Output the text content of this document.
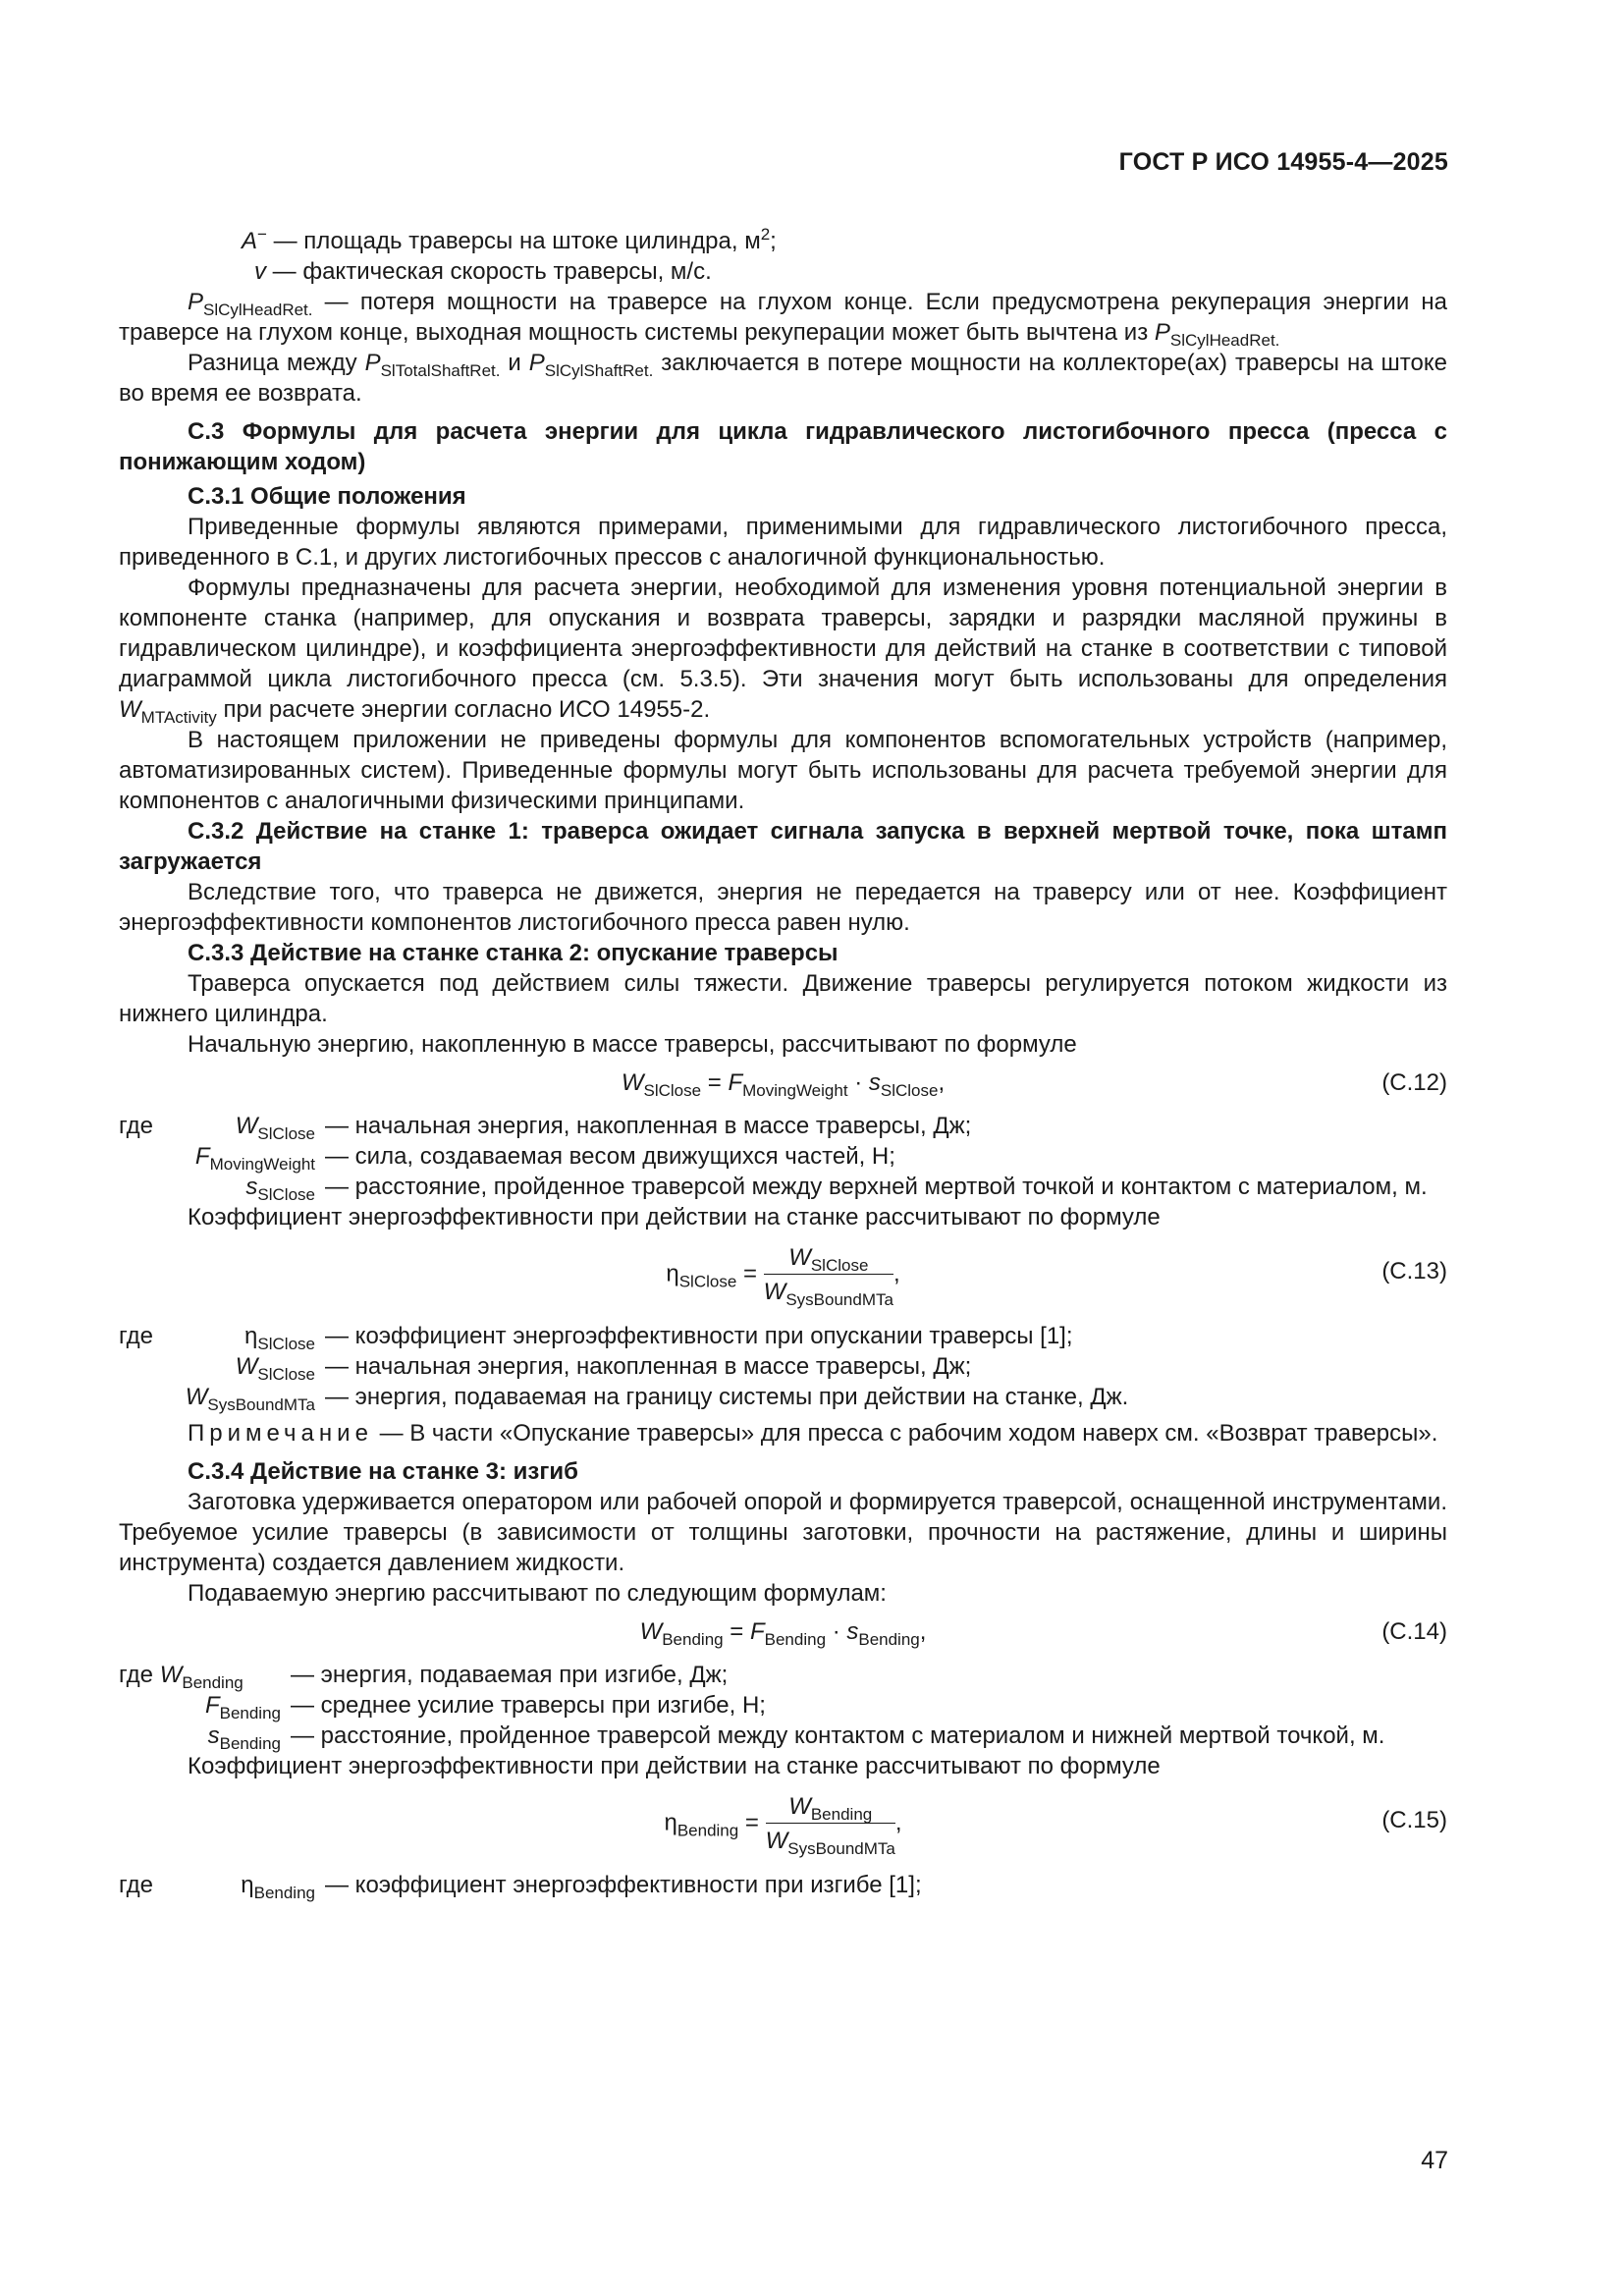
ГОСТ Р ИСО 14955-4—2025
A− — площадь траверсы на штоке цилиндра, $м^2$;
v — фактическая скорость траверсы, м/с.

$P_{SlCylHeadRet.}$ — потеря мощности на траверсе на глухом конце. Если предусмотрена рекуперация энергии на траверсе на глухом конце, выходная мощность системы рекуперации может быть вычтена из $P_{SlCylHeadRet.}$

Разница между $P_{SlTotalShaftRet.}$ и $P_{SlCylShaftRet.}$ заключается в потере мощности на коллекторе(ах) траверсы на штоке во время ее возврата.

С.3 Формулы для расчета энергии для цикла гидравлического листогибочного пресса (пресса с понижающим ходом)

С.3.1 Общие положения

Приведенные формулы являются примерами, применимыми для гидравлического листогибочного пресса, приведенного в С.1, и других листогибочных прессов с аналогичной функциональностью.

Формулы предназначены для расчета энергии, необходимой для изменения уровня потенциальной энергии в компоненте станка (например, для опускания и возврата траверсы, зарядки и разрядки масляной пружины в гидравлическом цилиндре), и коэффициента энергоэффективности для действий на станке в соответствии с типовой диаграммой цикла листогибочного пресса (см. 5.3.5). Эти значения могут быть использованы для определения $W_{MTActivity}$ при расчете энергии согласно ИСО 14955-2.

В настоящем приложении не приведены формулы для компонентов вспомогательных устройств (например, автоматизированных систем). Приведенные формулы могут быть использованы для расчета требуемой энергии для компонентов с аналогичными физическими принципами.

С.3.2 Действие на станке 1: траверса ожидает сигнала запуска в верхней мертвой точке, пока штамп загружается

Вследствие того, что траверса не движется, энергия не передается на траверсу или от нее. Коэффициент энергоэффективности компонентов листогибочного пресса равен нулю.

С.3.3 Действие на станке станка 2: опускание траверсы

Траверса опускается под действием силы тяжести. Движение траверсы регулируется потоком жидкости из нижнего цилиндра.

Начальную энергию, накопленную в массе траверсы, рассчитывают по формуле

$W_{SlClose} = F_{MovingWeight} \cdot s_{SlClose}$,	(С.12)
где	$W_{SlClose}$	— начальная энергия, накопленная в массе траверсы, Дж;
	$F_{MovingWeight}$	— сила, создаваемая весом движущихся частей, Н;
	$s_{SlClose}$	— расстояние, пройденное траверсой между верхней мертвой точкой и контактом с материалом, м.

Коэффициент энергоэффективности при действии на станке рассчитывают по формуле

$\eta_{SlClose} = \frac{W_{SlClose}}{W_{SysBoundMTa}}$ ,	(С.13)
где	$\eta_{SlClose}$	— коэффициент энергоэффективности при опускании траверсы [1];
	$W_{SlClose}$	— начальная энергия, накопленная в массе траверсы, Дж;
	$W_{SysBoundMTa}$	— энергия, подаваемая на границу системы при действии на станке, Дж.

Примечание — В части «Опускание траверсы» для пресса с рабочим ходом наверх см. «Возврат траверсы».

С.3.4 Действие на станке 3: изгиб

Заготовка удерживается оператором или рабочей опорой и формируется траверсой, оснащенной инструментами. Требуемое усилие траверсы (в зависимости от толщины заготовки, прочности на растяжение, длины и ширины инструмента) создается давлением жидкости.

Подаваемую энергию рассчитывают по следующим формулам:

$W_{Bending} = F_{Bending} \cdot s_{Bending}$,	(С.14)
где $W_{Bending}$	— энергия, подаваемая при изгибе, Дж;
$F_{Bending}$	— среднее усилие траверсы при изгибе, Н;
$s_{Bending}$	— расстояние, пройденное траверсой между контактом с материалом и нижней мертвой точкой, м.

Коэффициент энергоэффективности при действии на станке рассчитывают по формуле

$\eta_{Bending} = \frac{W_{Bending}}{W_{SysBoundMTa}}$ ,	(С.15)
где	$\eta_{Bending}$	— коэффициент энергоэффективности при изгибе [1];
47
